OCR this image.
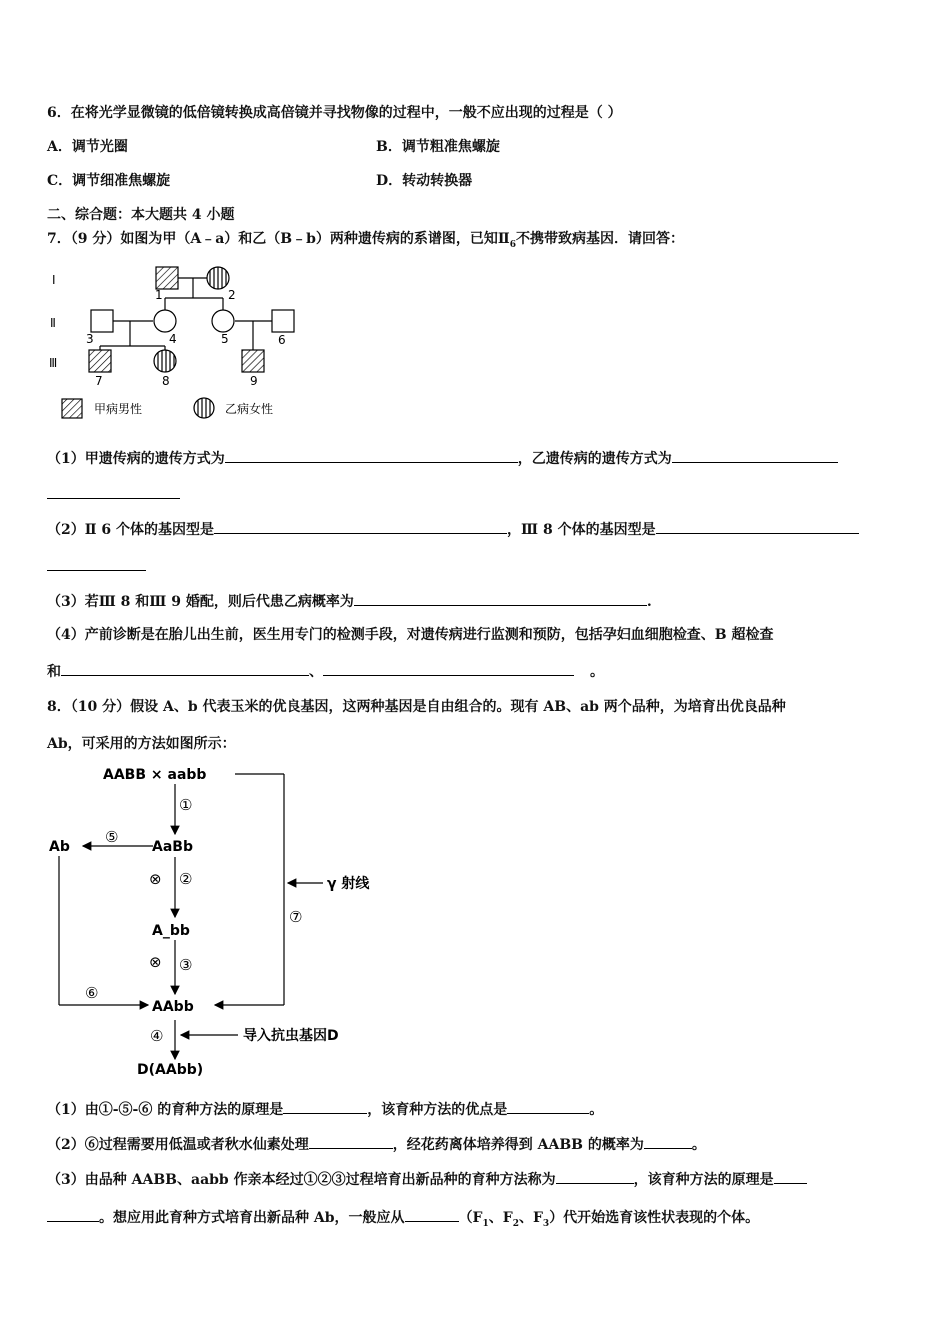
6．在将光学显微镜的低倍镜转换成高倍镜并寻找物像的过程中，一般不应出现的过程是（ ）
A．调节光圈	B．调节粗准焦螺旋
C．调节细准焦螺旋	D．转动转换器
二、综合题：本大题共 4 小题
7．（9 分）如图为甲（A﹣a）和乙（B﹣b）两种遗传病的系谱图，已知$Ⅱ_6$不携带致病基因．请回答：
Ⅰ
Ⅱ
Ⅲ
1	2
3	4	5	6
7	8	9
甲病男性	乙病女性
（1）甲遗传病的遗传方式为	，乙遗传病的遗传方式为
（2）Ⅱ 6 个体的基因型是	，Ⅲ 8 个体的基因型是
（3）若Ⅲ 8 和Ⅲ 9 婚配，则后代患乙病概率为	.
（4）产前诊断是在胎儿出生前，医生用专门的检测手段，对遗传病进行监测和预防，包括孕妇血细胞检查、B 超检查
和	、	。
8．（10 分）假设 A、b 代表玉米的优良基因，这两种基因是自由组合的。现有 AB、ab 两个品种，为培育出优良品种
Ab，可采用的方法如图所示：
AABB × aabb
AaBb
Ab
A_bb
AAbb
D(AAbb)
①
②
③
④
⑤
⑥
⑦
⊗
⊗
γ 射线
导入抗虫基因D
（1）由①-⑤-⑥ 的育种方法的原理是	，该育种方法的优点是	。
（2）⑥过程需要用低温或者秋水仙素处理	，经花药离体培养得到 AABB 的概率为	。
（3）由品种 AABB、aabb 作亲本经过①②③过程培育出新品种的育种方法称为	，该育种方法的原理是
。想应用此育种方式培育出新品种 Ab，一般应从	（$F_1$、$F_2$、$F_3$）代开始选育该性状表现的个体。
